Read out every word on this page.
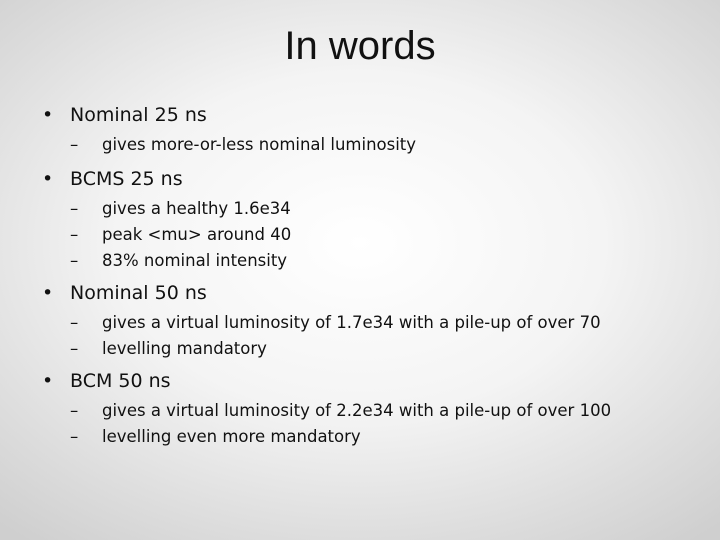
In words
• Nominal 25 ns
– gives more-or-less nominal luminosity
• BCMS 25 ns
– gives a healthy 1.6e34
– peak <mu> around 40
– 83% nominal intensity
• Nominal 50 ns
– gives a virtual luminosity of 1.7e34 with a pile-up of over 70
– levelling mandatory
• BCM 50 ns
– gives a virtual luminosity of 2.2e34 with a pile-up of over 100
– levelling even more mandatory
